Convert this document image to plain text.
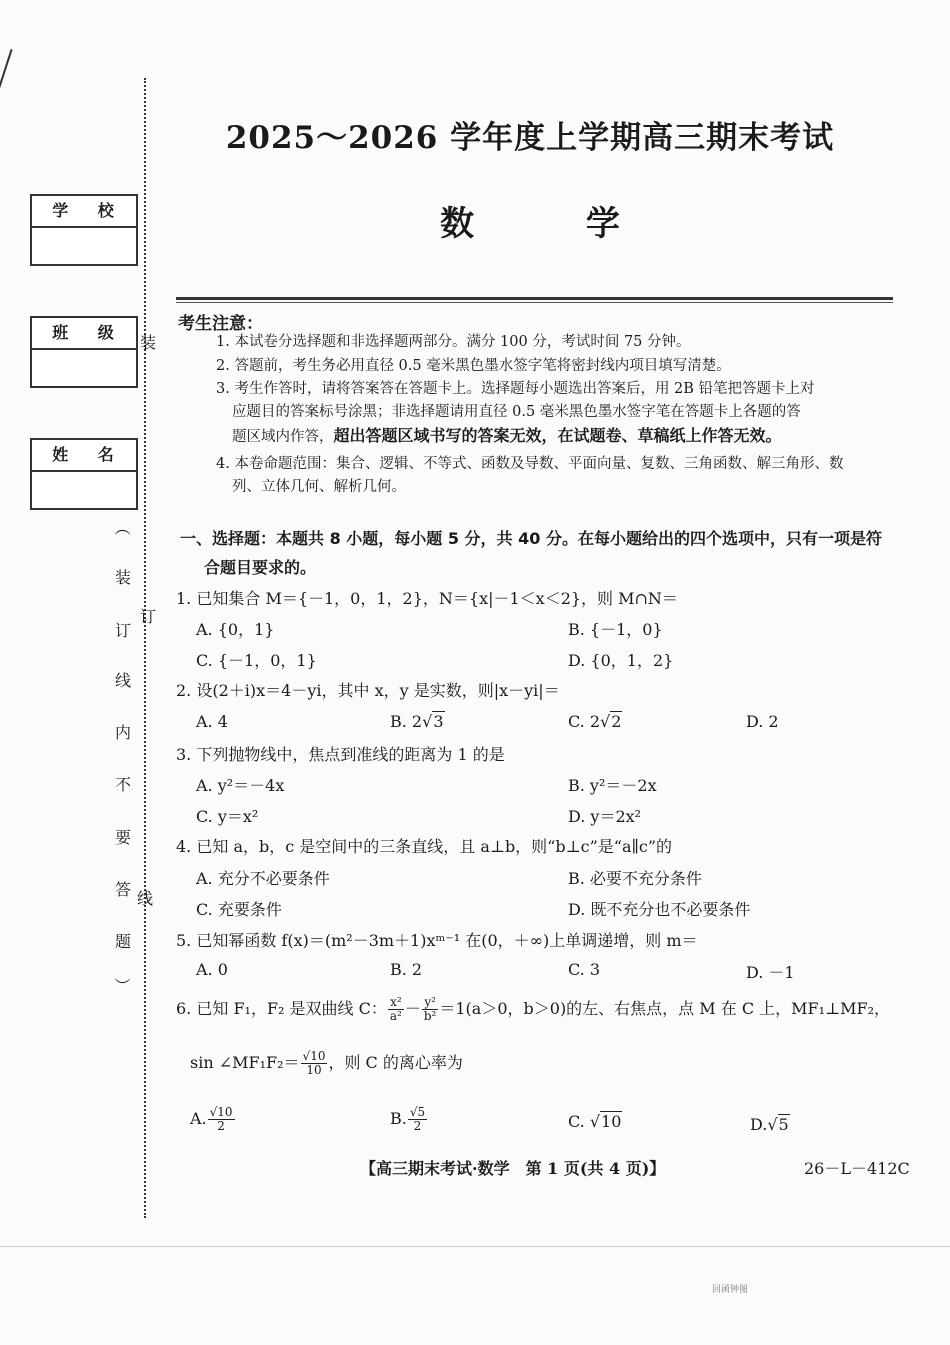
学 校
班 级
姓 名
装
订
线
（
装
订
线
内
不
要
答
题
）
2025～2026 学年度上学期高三期末考试
数 学
考生注意：
1. 本试卷分选择题和非选择题两部分。满分 100 分，考试时间 75 分钟。
2. 答题前，考生务必用直径 0.5 毫米黑色墨水签字笔将密封线内项目填写清楚。
3. 考生作答时，请将答案答在答题卡上。选择题每小题选出答案后，用 2B 铅笔把答题卡上对
应题目的答案标号涂黑；非选择题请用直径 0.5 毫米黑色墨水签字笔在答题卡上各题的答
题区域内作答，超出答题区域书写的答案无效，在试题卷、草稿纸上作答无效。
4. 本卷命题范围：集合、逻辑、不等式、函数及导数、平面向量、复数、三角函数、解三角形、数
列、立体几何、解析几何。
一、选择题：本题共 8 小题，每小题 5 分，共 40 分。在每小题给出的四个选项中，只有一项是符
合题目要求的。
1. 已知集合 M＝{－1，0，1，2}，N＝{x|－1＜x＜2}，则 M∩N＝
A. {0，1}	B. {－1，0}
C. {－1，0，1}	D. {0，1，2}
2. 设(2＋i)x＝4－yi，其中 x，y 是实数，则|x－yi|＝
A. 4	B. 2√3	C. 2√2	D. 2
3. 下列抛物线中，焦点到准线的距离为 1 的是
A. y²＝－4x	B. y²＝－2x
C. y＝x²	D. y＝2x²
4. 已知 a，b，c 是空间中的三条直线，且 a⊥b，则“b⊥c”是“a∥c”的
A. 充分不必要条件	B. 必要不充分条件
C. 充要条件	D. 既不充分也不必要条件
5. 已知幂函数 f(x)＝(m²－3m＋1)xᵐ⁻¹ 在(0，＋∞)上单调递增，则 m＝
A. 0	B. 2	C. 3	D. －1
6. 已知 F₁，F₂ 是双曲线 C： $\frac{\text{x²}}{\text{a²}} - \frac{\text{y²}}{\text{b²}} =1(a>0$，b＞0)的左、右焦点，点 M 在 C 上，MF₁⊥MF₂，
sin ∠MF₁F₂＝ $\frac{√10}{10}$ ，则 C 的离心率为
A. $\frac{√10}{2}$	B. $\frac{√5}{2}$	C. √10	D.√5
【高三期末考试·数学　第 1 页(共 4 页)】	26－L－412C
回函钟图
